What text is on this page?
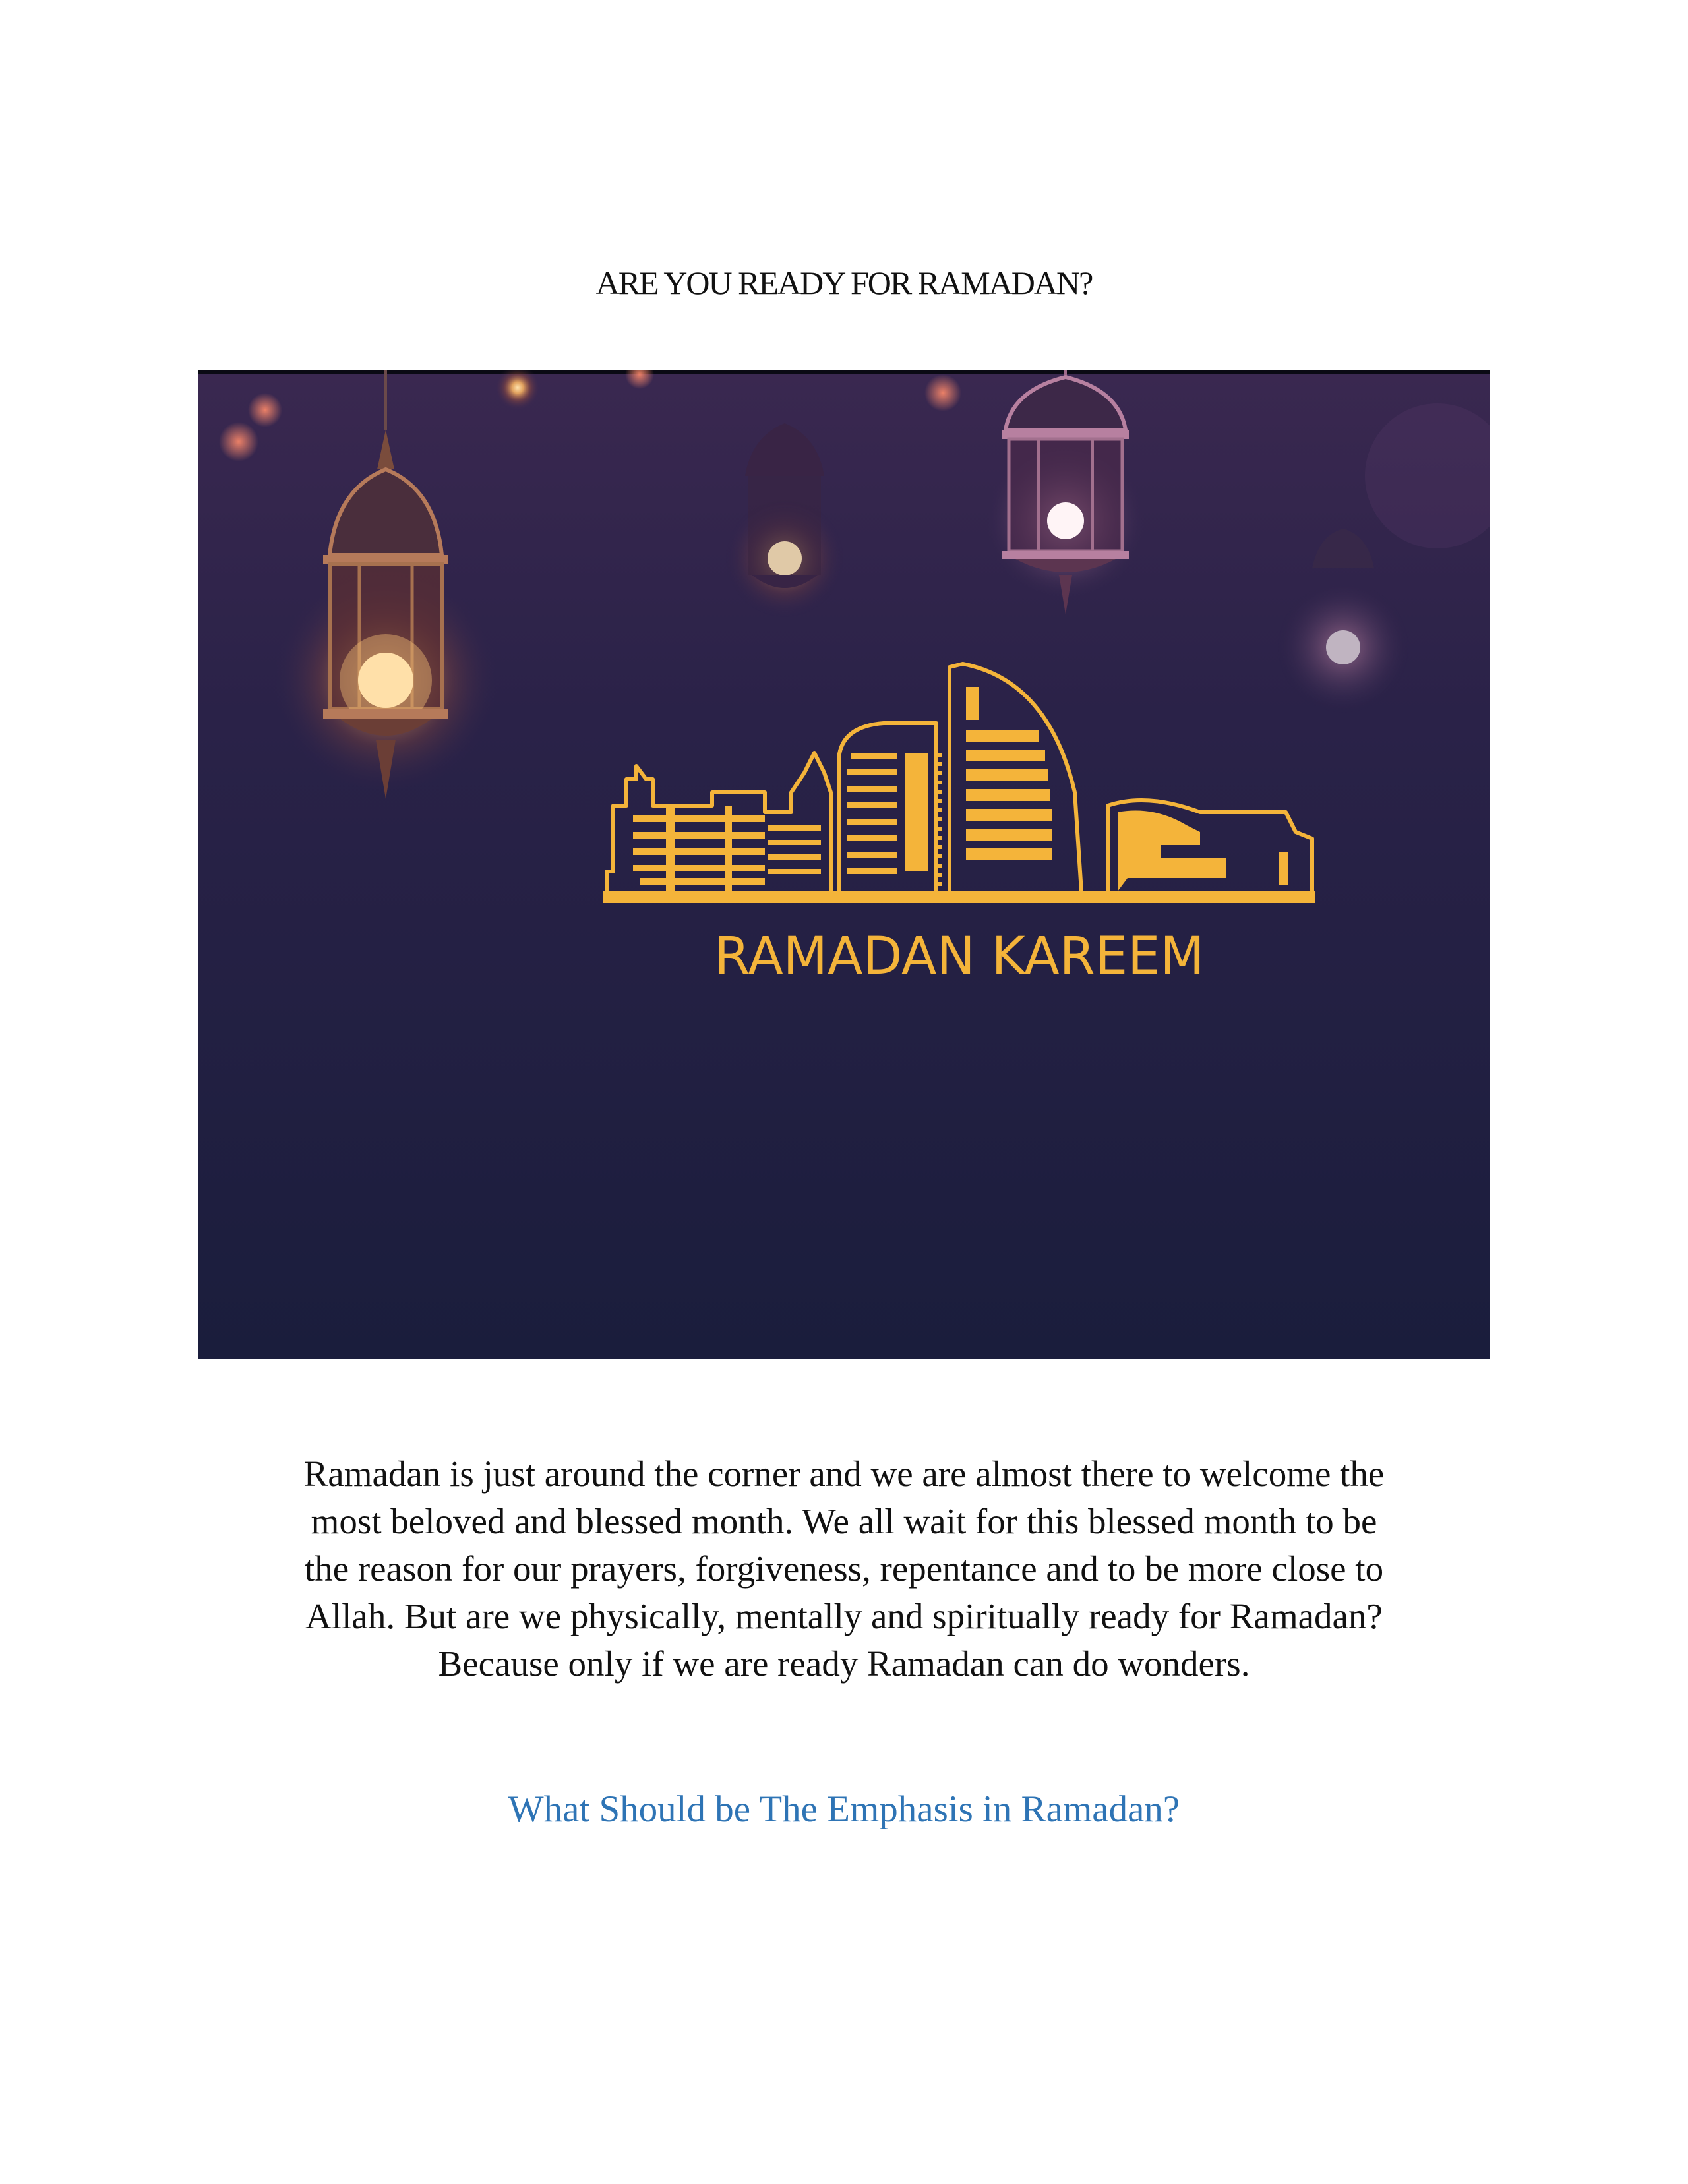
ARE YOU READY FOR RAMADAN?
RAMADAN KAREEM

Ramadan is just around the corner and we are almost there to welcome the
most beloved and blessed month. We all wait for this blessed month to be
the reason for our prayers, forgiveness, repentance and to be more close to
Allah. But are we physically, mentally and spiritually ready for Ramadan?
Because only if we are ready Ramadan can do wonders.

What Should be The Emphasis in Ramadan?
